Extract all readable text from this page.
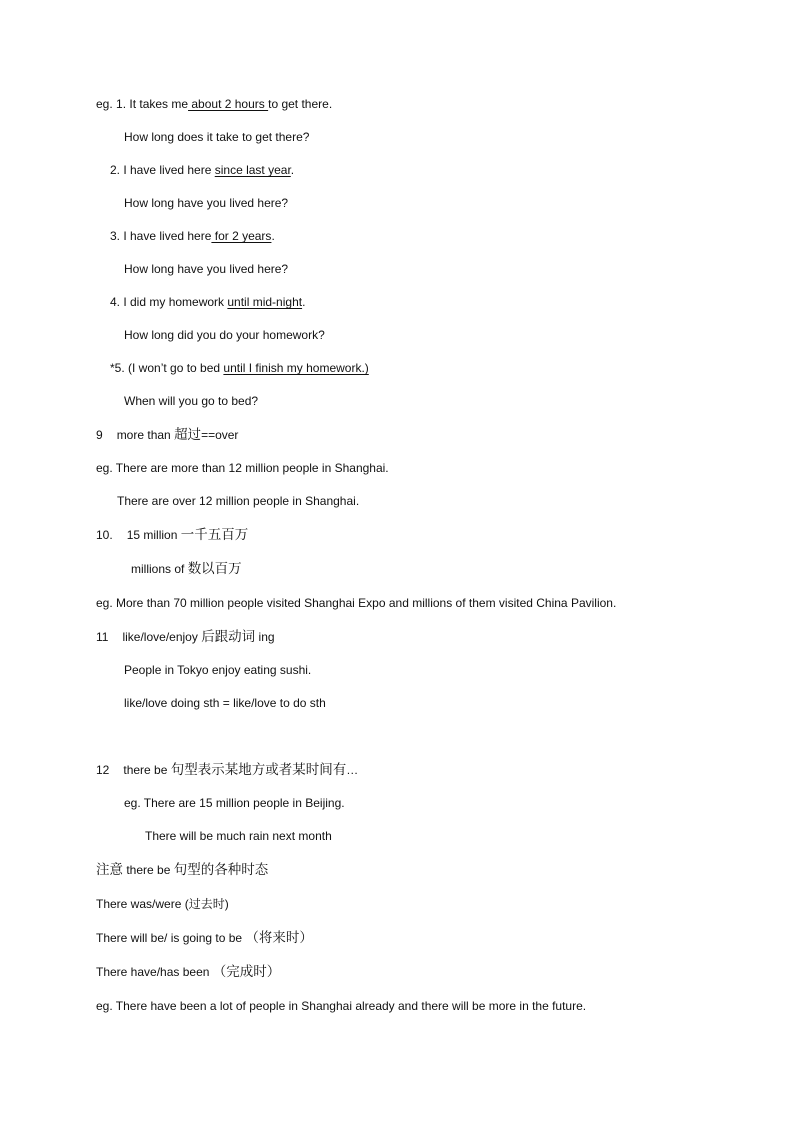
eg. 1. It takes me about 2 hours to get there.
How long does it take to get there?
2. I have lived here since last year.
How long have you lived here?
3. I have lived here for 2 years.
How long have you lived here?
4. I did my homework until mid-night.
How long did you do your homework?
*5. (I won’t go to bed until I finish my homework.)
When will you go to bed?
9 more than 超过==over
eg. There are more than 12 million people in Shanghai.
There are over 12 million people in Shanghai.
10. 15 million 一千五百万
millions of 数以百万
eg. More than 70 million people visited Shanghai Expo and millions of them visited China Pavilion.
11 like/love/enjoy 后跟动词 ing
People in Tokyo enjoy eating sushi.
like/love doing sth = like/love to do sth
12 there be 句型表示某地方或者某时间有…
eg. There are 15 million people in Beijing.
There will be much rain next month
注意 there be 句型的各种时态
There was/were (过去时)
There will be/ is going to be （将来时）
There have/has been （完成时）
eg. There have been a lot of people in Shanghai already and there will be more in the future.
